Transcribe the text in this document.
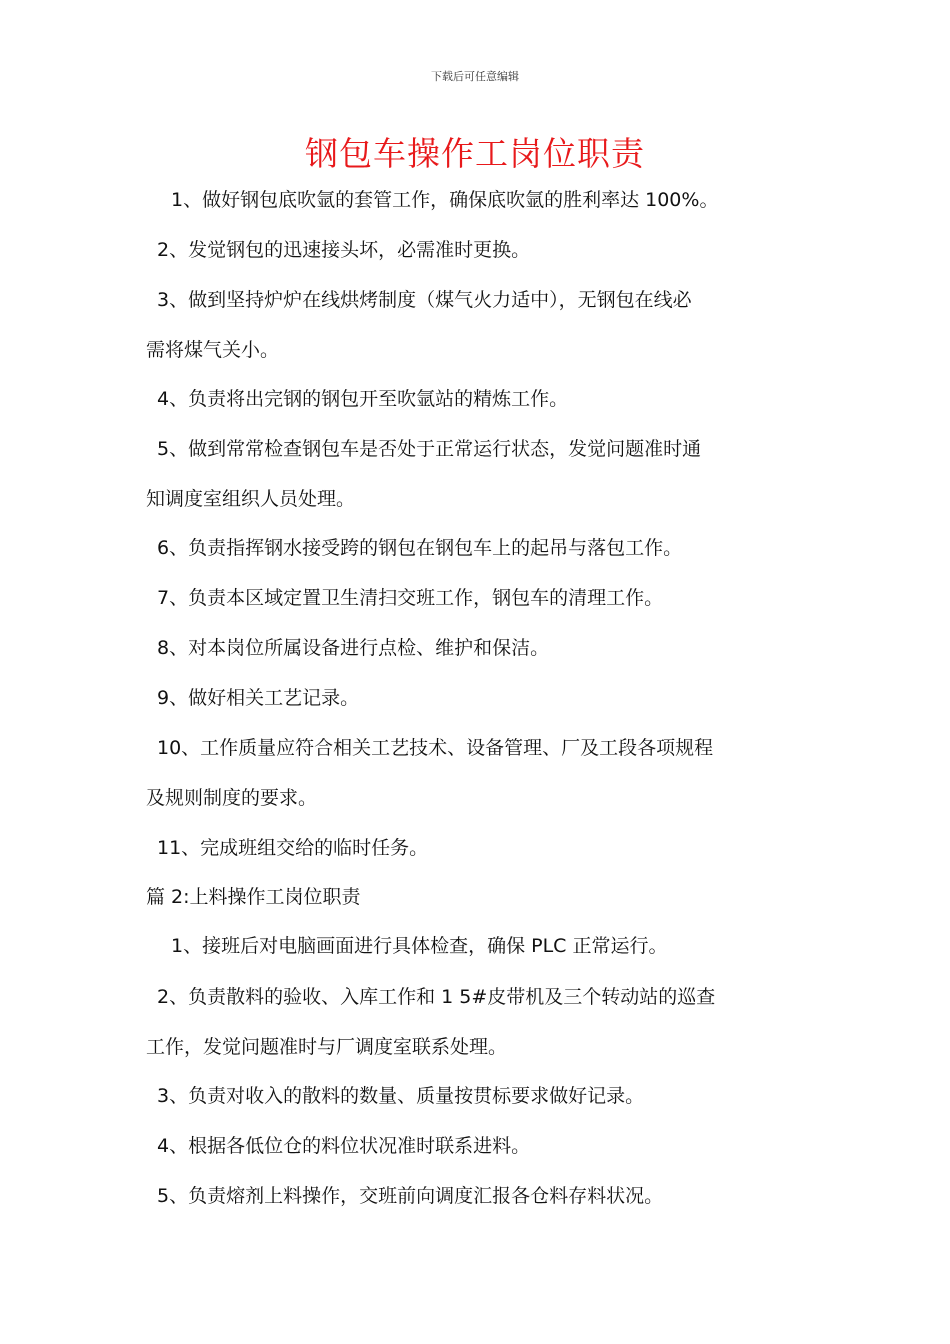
下载后可任意编辑
钢包车操作工岗位职责
1、做好钢包底吹氩的套管工作，确保底吹氩的胜利率达 100%。
2、发觉钢包的迅速接头坏，必需准时更换。
3、做到坚持炉炉在线烘烤制度（煤气火力适中），无钢包在线必
需将煤气关小。
4、负责将出完钢的钢包开至吹氩站的精炼工作。
5、做到常常检查钢包车是否处于正常运行状态，发觉问题准时通
知调度室组织人员处理。
6、负责指挥钢水接受跨的钢包在钢包车上的起吊与落包工作。
7、负责本区域定置卫生清扫交班工作，钢包车的清理工作。
8、对本岗位所属设备进行点检、维护和保洁。
9、做好相关工艺记录。
10、工作质量应符合相关工艺技术、设备管理、厂及工段各项规程
及规则制度的要求。
11、完成班组交给的临时任务。
篇 2:上料操作工岗位职责
1、接班后对电脑画面进行具体检查，确保 PLC 正常运行。
2、负责散料的验收、入库工作和 1 5#皮带机及三个转动站的巡查
工作，发觉问题准时与厂调度室联系处理。
3、负责对收入的散料的数量、质量按贯标要求做好记录。
4、根据各低位仓的料位状况准时联系进料。
5、负责熔剂上料操作，交班前向调度汇报各仓料存料状况。
